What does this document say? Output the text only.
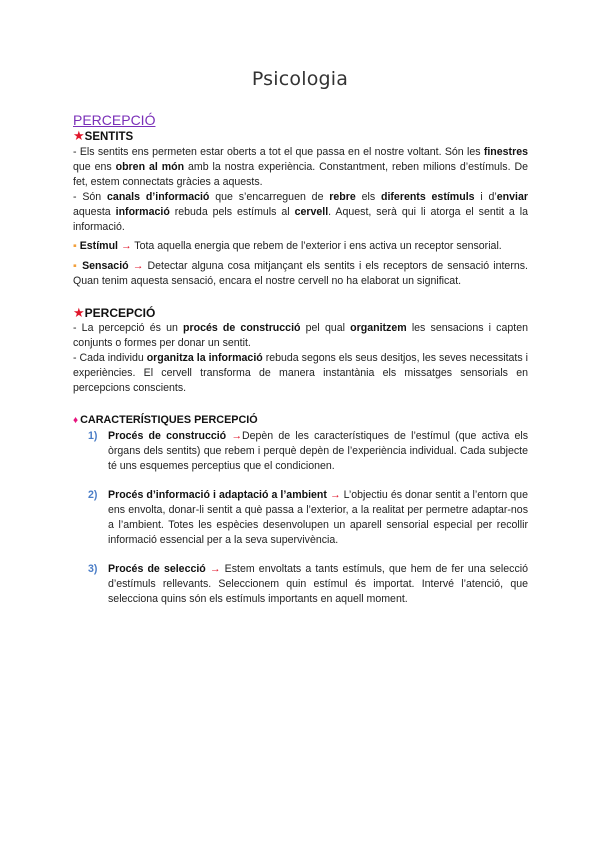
Psicologia
PERCEPCIÓ
★SENTITS

- Els sentits ens permeten estar oberts a tot el que passa en el nostre voltant. Són les finestres que ens obren al món amb la nostra experiència. Constantment, reben milions d’estímuls. De fet, estem connectats gràcies a aquests.

- Són canals d’informació que s’encarreguen de rebre els diferents estímuls i d’enviar aquesta informació rebuda pels estímuls al cervell. Aquest, serà qui li atorga el sentit a la informació.

▪ Estímul → Tota aquella energia que rebem de l’exterior i ens activa un receptor sensorial.

▪ Sensació → Detectar alguna cosa mitjançant els sentits i els receptors de sensació interns. Quan tenim aquesta sensació, encara el nostre cervell no ha elaborat un significat.

★PERCEPCIÓ

- La percepció és un procés de construcció pel qual organitzem les sensacions i capten conjunts o formes per donar un sentit.

- Cada individu organitza la informació rebuda segons els seus desitjos, les seves necessitats i experiències. El cervell transforma de manera instantània els missatges sensorials en percepcions conscients.

♦ CARACTERÍSTIQUES PERCEPCIÓ
1) Procés de construcció →Depèn de les característiques de l’estímul (que activa els òrgans dels sentits) que rebem i perquè depèn de l’experiència individual. Cada subjecte té uns esquemes perceptius que el condicionen.

2) Procés d’informació i adaptació a l’ambient → L’objectiu és donar sentit a l’entorn que ens envolta, donar-li sentit a què passa a l’exterior, a la realitat per permetre adaptar-nos a l’ambient. Totes les espècies desenvolupen un aparell sensorial especial per recollir informació essencial per a la seva supervivència.

3) Procés de selecció → Estem envoltats a tants estímuls, que hem de fer una selecció d’estímuls rellevants. Seleccionem quin estímul és importat. Intervé l’atenció, que selecciona quins són els estímuls importants en aquell moment.
